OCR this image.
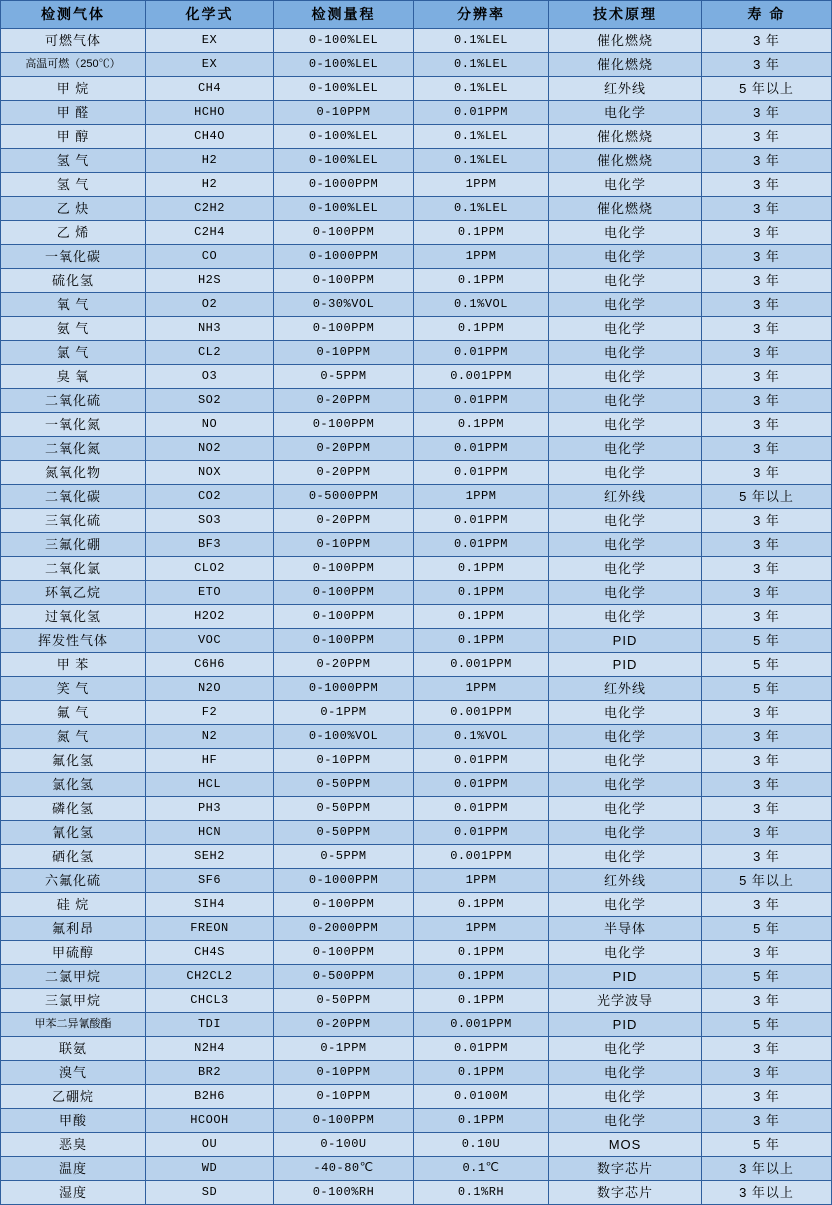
检测气体	化学式	检测量程	分辨率	技术原理	寿 命
可燃气体	EX	0-100%LEL	0.1%LEL	催化燃烧	3 年
高温可燃（250℃）	EX	0-100%LEL	0.1%LEL	催化燃烧	3 年
甲 烷	CH4	0-100%LEL	0.1%LEL	红外线	5 年以上
甲 醛	HCHO	0-10PPM	0.01PPM	电化学	3 年
甲 醇	CH4O	0-100%LEL	0.1%LEL	催化燃烧	3 年
氢 气	H2	0-100%LEL	0.1%LEL	催化燃烧	3 年
氢 气	H2	0-1000PPM	1PPM	电化学	3 年
乙 炔	C2H2	0-100%LEL	0.1%LEL	催化燃烧	3 年
乙 烯	C2H4	0-100PPM	0.1PPM	电化学	3 年
一氧化碳	CO	0-1000PPM	1PPM	电化学	3 年
硫化氢	H2S	0-100PPM	0.1PPM	电化学	3 年
氧 气	O2	0-30%VOL	0.1%VOL	电化学	3 年
氨 气	NH3	0-100PPM	0.1PPM	电化学	3 年
氯 气	CL2	0-10PPM	0.01PPM	电化学	3 年
臭 氧	O3	0-5PPM	0.001PPM	电化学	3 年
二氧化硫	SO2	0-20PPM	0.01PPM	电化学	3 年
一氧化氮	NO	0-100PPM	0.1PPM	电化学	3 年
二氧化氮	NO2	0-20PPM	0.01PPM	电化学	3 年
氮氧化物	NOX	0-20PPM	0.01PPM	电化学	3 年
二氧化碳	CO2	0-5000PPM	1PPM	红外线	5 年以上
三氧化硫	SO3	0-20PPM	0.01PPM	电化学	3 年
三氟化硼	BF3	0-10PPM	0.01PPM	电化学	3 年
二氧化氯	CLO2	0-100PPM	0.1PPM	电化学	3 年
环氧乙烷	ETO	0-100PPM	0.1PPM	电化学	3 年
过氧化氢	H2O2	0-100PPM	0.1PPM	电化学	3 年
挥发性气体	VOC	0-100PPM	0.1PPM	PID	5 年
甲 苯	C6H6	0-20PPM	0.001PPM	PID	5 年
笑 气	N2O	0-1000PPM	1PPM	红外线	5 年
氟 气	F2	0-1PPM	0.001PPM	电化学	3 年
氮 气	N2	0-100%VOL	0.1%VOL	电化学	3 年
氟化氢	HF	0-10PPM	0.01PPM	电化学	3 年
氯化氢	HCL	0-50PPM	0.01PPM	电化学	3 年
磷化氢	PH3	0-50PPM	0.01PPM	电化学	3 年
氰化氢	HCN	0-50PPM	0.01PPM	电化学	3 年
硒化氢	SEH2	0-5PPM	0.001PPM	电化学	3 年
六氟化硫	SF6	0-1000PPM	1PPM	红外线	5 年以上
硅 烷	SIH4	0-100PPM	0.1PPM	电化学	3 年
氟利昂	FREON	0-2000PPM	1PPM	半导体	5 年
甲硫醇	CH4S	0-100PPM	0.1PPM	电化学	3 年
二氯甲烷	CH2CL2	0-500PPM	0.1PPM	PID	5 年
三氯甲烷	CHCL3	0-50PPM	0.1PPM	光学波导	3 年
甲苯二异氰酸酯	TDI	0-20PPM	0.001PPM	PID	5 年
联氨	N2H4	0-1PPM	0.01PPM	电化学	3 年
溴气	BR2	0-10PPM	0.1PPM	电化学	3 年
乙硼烷	B2H6	0-10PPM	0.0100M	电化学	3 年
甲酸	HCOOH	0-100PPM	0.1PPM	电化学	3 年
恶臭	OU	0-100U	0.10U	MOS	5 年
温度	WD	-40-80℃	0.1℃	数字芯片	3 年以上
湿度	SD	0-100%RH	0.1%RH	数字芯片	3 年以上
